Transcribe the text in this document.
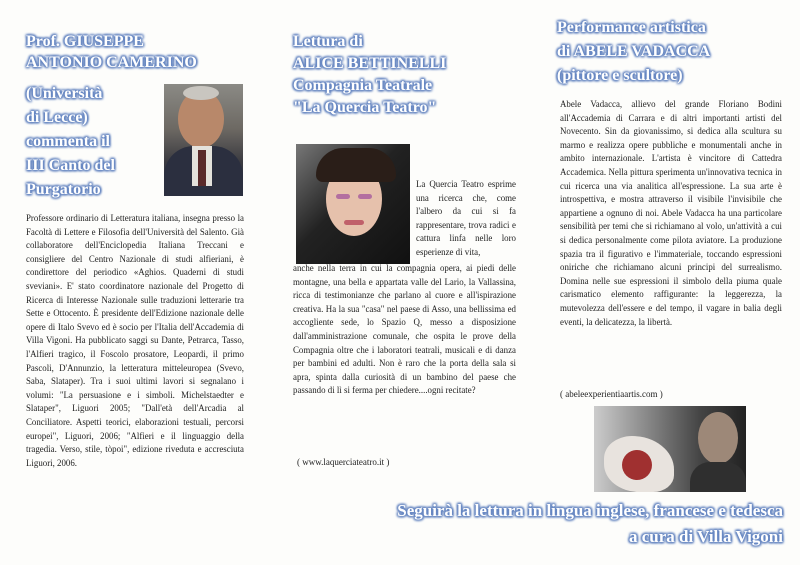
Prof. GIUSEPPE
ANTONIO CAMERINO
(Università
di Lecce)
commenta il
III Canto del
Purgatorio
Professore ordinario di Letteratura italiana, insegna presso la Facoltà di Lettere e Filosofia dell'Università del Salento. Già collaboratore dell'Enciclopedia Italiana Treccani e consigliere del Centro Nazionale di studi alfieriani, è condirettore del periodico «Aghios. Quaderni di studi sveviani». E' stato coordinatore nazionale del Progetto di Ricerca di Interesse Nazionale sulle traduzioni letterarie tra Sette e Ottocento. È presidente dell'Edizione nazionale delle opere di Italo Svevo ed è socio per l'Italia dell'Accademia di Villa Vigoni. Ha pubblicato saggi su Dante, Petrarca, Tasso, l'Alfieri tragico, il Foscolo prosatore, Leopardi, il primo Pascoli, D'Annunzio, la letteratura mitteleuropea (Svevo, Saba, Slataper). Tra i suoi ultimi lavori si segnalano i volumi: "La persuasione e i simboli. Michelstaedter e Slataper", Liguori 2005; "Dall'età dell'Arcadia al Conciliatore. Aspetti teorici, elaborazioni testuali, percorsi europei", Liguori, 2006; "Alfieri e il linguaggio della tragedia. Verso, stile, tòpoi", edizione riveduta e accresciuta Liguori, 2006.
Lettura di
ALICE BETTINELLI
Compagnia Teatrale
"La Quercia Teatro"
La Quercia Teatro esprime una ricerca che, come l'albero da cui si fa rappresentare, trova radici e cattura linfa nelle loro esperienze di vita,
anche nella terra in cui la compagnia opera, ai piedi delle montagne, una bella e appartata valle del Lario, la Vallassina, ricca di testimonianze che parlano al cuore e all'ispirazione creativa. Ha la sua "casa" nel paese di Asso, una bellissima ed accogliente sede, lo Spazio Q, messo a disposizione dall'amministrazione comunale, che ospita le prove della Compagnia oltre che i laboratori teatrali, musicali e di danza per bambini ed adulti. Non è raro che la porta della sala si apra, spinta dalla curiosità di un bambino del paese che passando di lì si ferma per chiedere....ogni recitate?
( www.laquerciateatro.it )
Performance artistica
di ABELE VADACCA
(pittore e scultore)
Abele Vadacca, allievo del grande Floriano Bodini all'Accademia di Carrara e di altri importanti artisti del Novecento. Sin da giovanissimo, si dedica alla scultura su marmo e realizza opere pubbliche e monumentali anche in ambito internazionale. L'artista è vincitore di Cattedra Accademica. Nella pittura sperimenta un'innovativa tecnica in cui ricerca una via analitica all'espressione. La sua arte è introspettiva, e mostra attraverso il visibile l'invisibile che appartiene a ognuno di noi. Abele Vadacca ha una particolare sensibilità per temi che si richiamano al volo, un'attività a cui si dedica personalmente come pilota aviatore. La produzione spazia tra il figurativo e l'immateriale, toccando espressioni oniriche che richiamano alcuni principi del surrealismo. Domina nelle sue espressioni il simbolo della piuma quale carismatico elemento raffigurante: la leggerezza, la mutevolezza dell'essere e del tempo, il vagare in balia degli eventi, la delicatezza, la libertà.
( abeleexperientiaartis.com )
Seguirà la lettura in lingua inglese, francese e tedesca
a cura di Villa Vigoni
